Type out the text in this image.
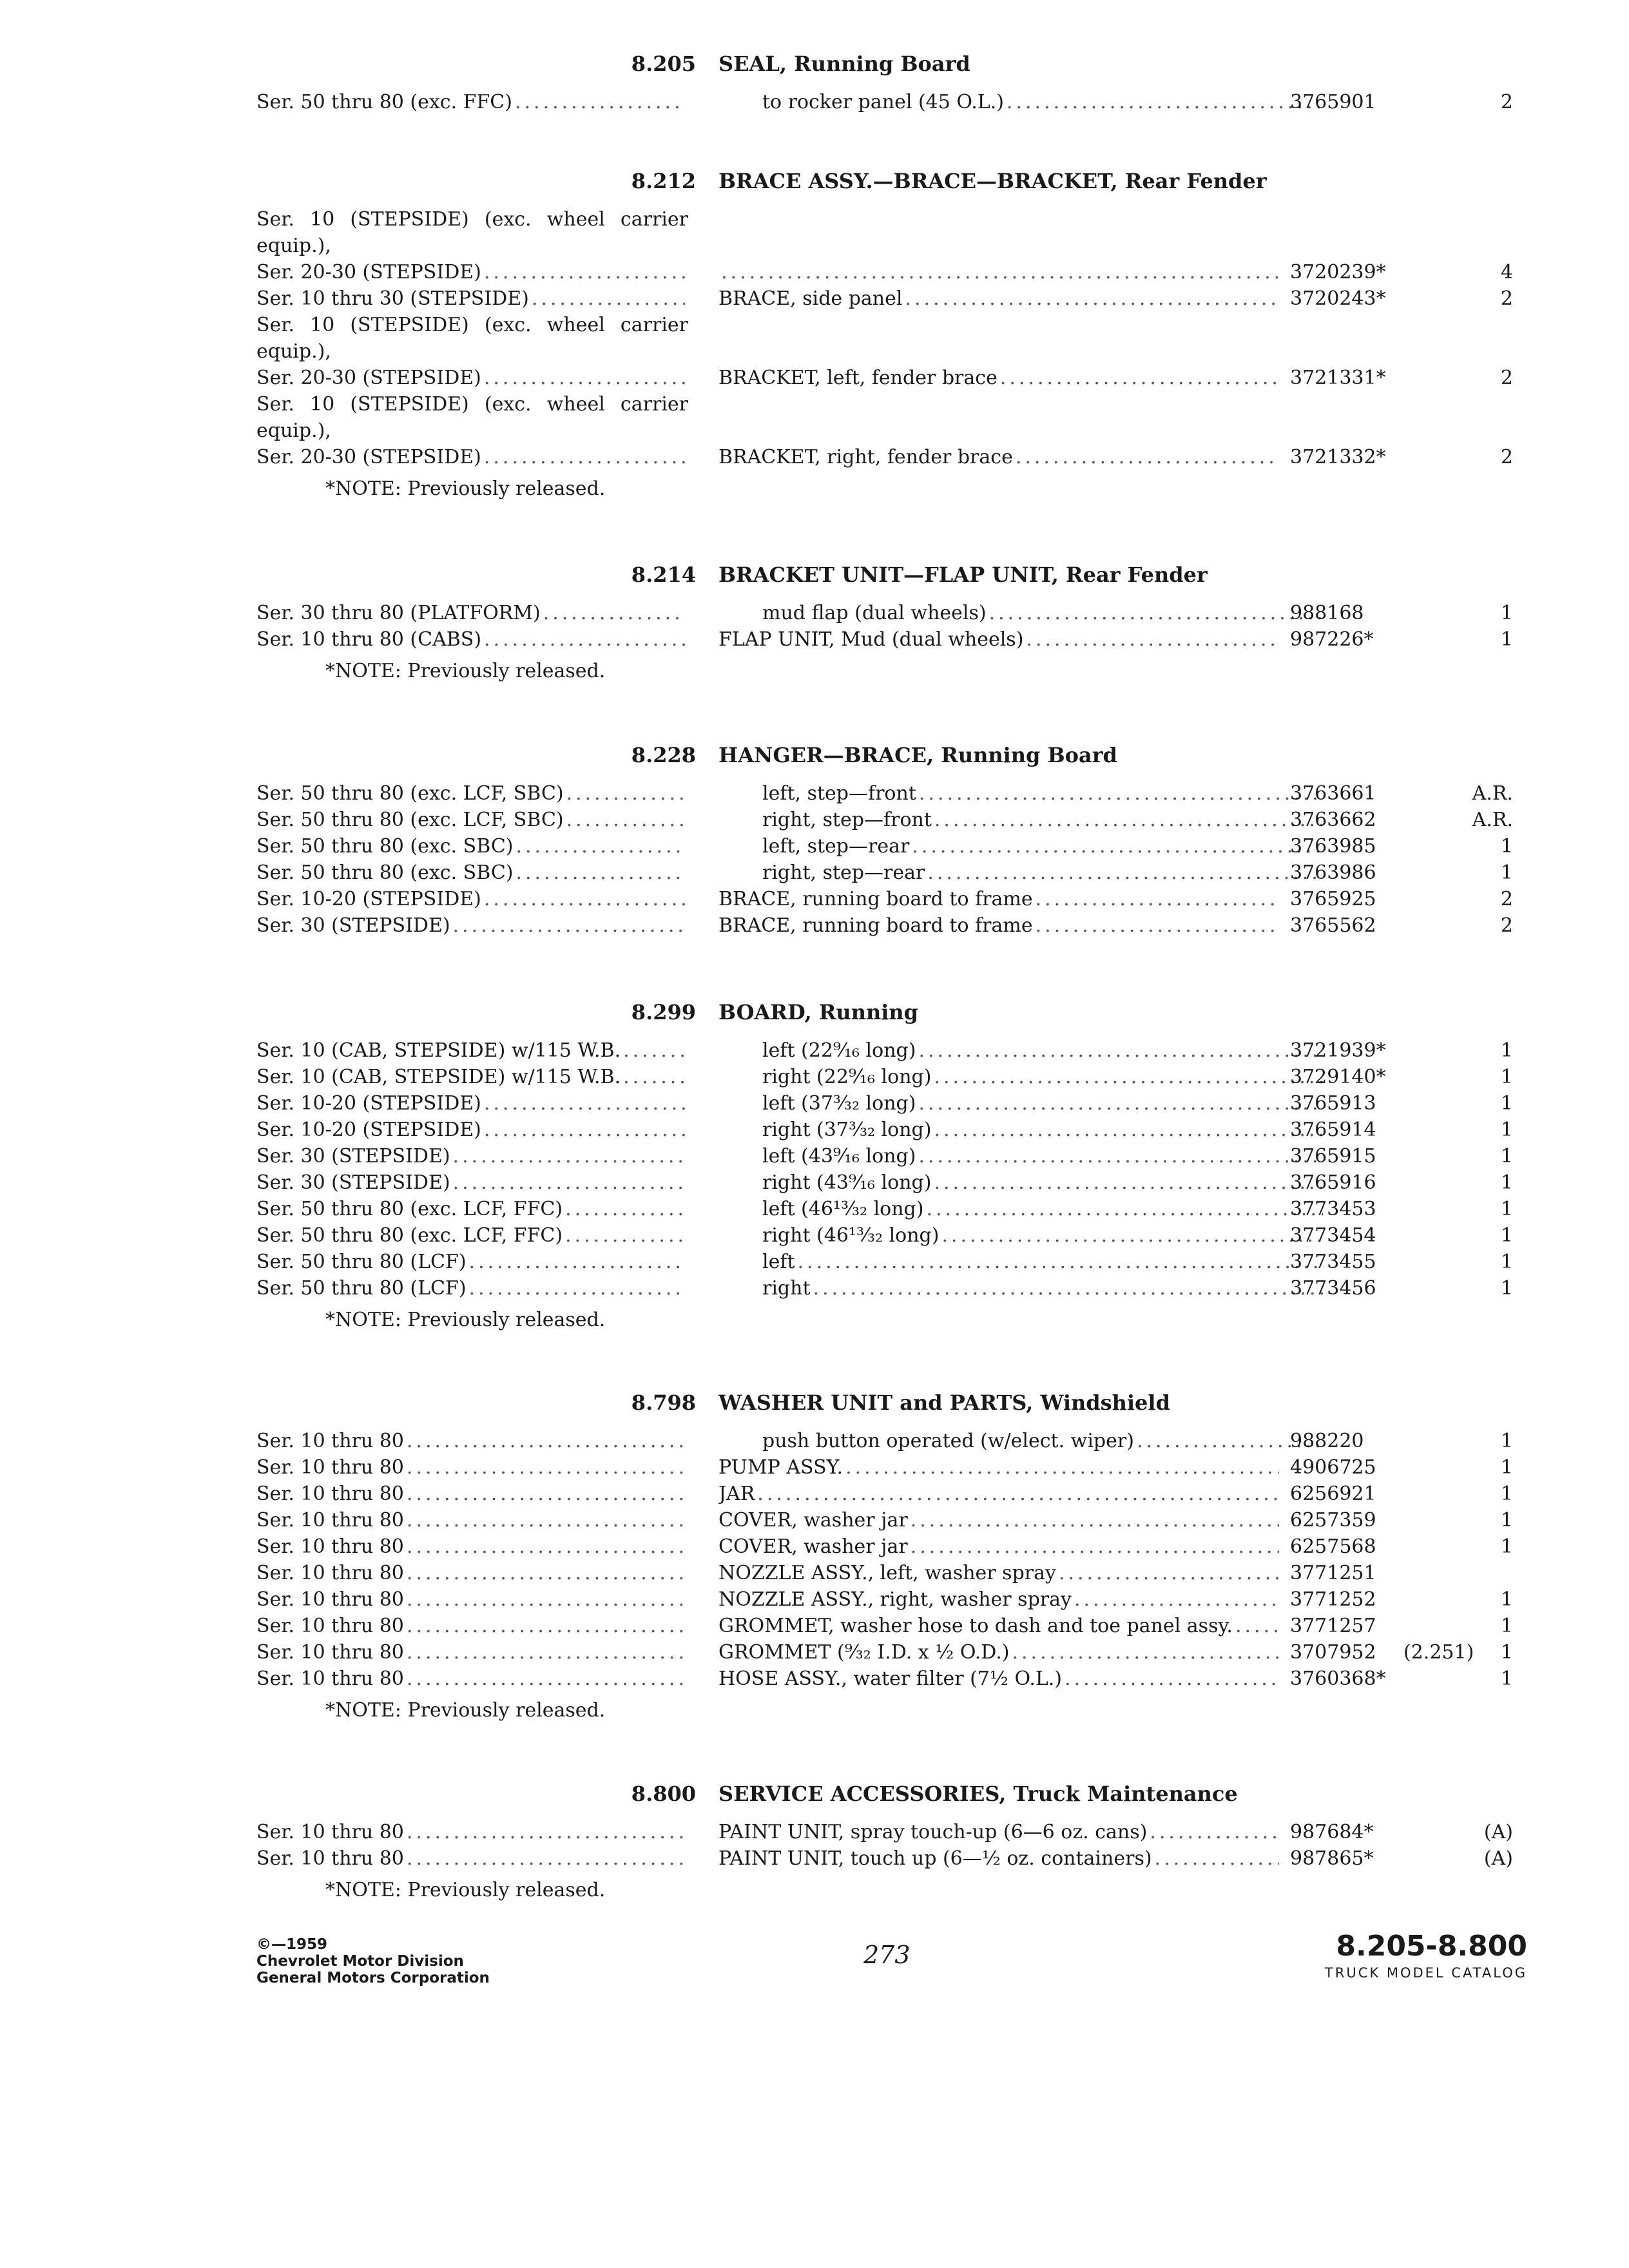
8.205 SEAL, Running Board
Ser. 50 thru 80 (exc. FFC) .....	to rocker panel (45 O.L.) .....	3765901	2
8.212 BRACE ASSY.—BRACE—BRACKET, Rear Fender
Ser. 10 (STEPSIDE) (exc. wheel carrier
equip.),
Ser. 20-30 (STEPSIDE) ..... .....	3720239*	4
Ser. 10 thru 30 (STEPSIDE) .....	BRACE, side panel .....	3720243*	2
Ser. 10 (STEPSIDE) (exc. wheel carrier
equip.),
Ser. 20-30 (STEPSIDE) .....	BRACKET, left, fender brace .....	3721331*	2
Ser. 10 (STEPSIDE) (exc. wheel carrier
equip.),
Ser. 20-30 (STEPSIDE) .....	BRACKET, right, fender brace .....	3721332*	2
*NOTE: Previously released.
8.214 BRACKET UNIT—FLAP UNIT, Rear Fender
Ser. 30 thru 80 (PLATFORM) .....	mud flap (dual wheels) .....	988168	1
Ser. 10 thru 80 (CABS) .....	FLAP UNIT, Mud (dual wheels) .....	987226*	1
*NOTE: Previously released.
8.228 HANGER—BRACE, Running Board
Ser. 50 thru 80 (exc. LCF, SBC) .....	left, step—front .....	3763661	A.R.
Ser. 50 thru 80 (exc. LCF, SBC) .....	right, step—front .....	3763662	A.R.
Ser. 50 thru 80 (exc. SBC) .....	left, step—rear .....	3763985	1
Ser. 50 thru 80 (exc. SBC) .....	right, step—rear .....	3763986	1
Ser. 10-20 (STEPSIDE) .....	BRACE, running board to frame .....	3765925	2
Ser. 30 (STEPSIDE) .....	BRACE, running board to frame .....	3765562	2
8.299 BOARD, Running
Ser. 10 (CAB, STEPSIDE) w/115 W.B. .....	left (22⁹⁄₁₆ long) .....	3721939*	1
Ser. 10 (CAB, STEPSIDE) w/115 W.B. .....	right (22⁹⁄₁₆ long) .....	3729140*	1
Ser. 10-20 (STEPSIDE) .....	left (37³⁄₃₂ long) .....	3765913	1
Ser. 10-20 (STEPSIDE) .....	right (37³⁄₃₂ long) .....	3765914	1
Ser. 30 (STEPSIDE) .....	left (43⁹⁄₁₆ long) .....	3765915	1
Ser. 30 (STEPSIDE) .....	right (43⁹⁄₁₆ long) .....	3765916	1
Ser. 50 thru 80 (exc. LCF, FFC) .....	left (46¹³⁄₃₂ long) .....	3773453	1
Ser. 50 thru 80 (exc. LCF, FFC) .....	right (46¹³⁄₃₂ long) .....	3773454	1
Ser. 50 thru 80 (LCF) .....	left .....	3773455	1
Ser. 50 thru 80 (LCF) .....	right .....	3773456	1
*NOTE: Previously released.
8.798 WASHER UNIT and PARTS, Windshield
Ser. 10 thru 80 .....	push button operated (w/elect. wiper) .....	988220	1
Ser. 10 thru 80 .....	PUMP ASSY. .....	4906725	1
Ser. 10 thru 80 .....	JAR .....	6256921	1
Ser. 10 thru 80 .....	COVER, washer jar .....	6257359	1
Ser. 10 thru 80 .....	COVER, washer jar .....	6257568	1
Ser. 10 thru 80 .....	NOZZLE ASSY., left, washer spray .....	3771251
Ser. 10 thru 80 .....	NOZZLE ASSY., right, washer spray .....	3771252	1
Ser. 10 thru 80 .....	GROMMET, washer hose to dash and toe panel assy. .....	3771257	1
Ser. 10 thru 80 .....	GROMMET (⁹⁄₃₂ I.D. x ½ O.D.) .....	3707952	(2.251)	1
Ser. 10 thru 80 .....	HOSE ASSY., water filter (7½ O.L.) .....	3760368*	1
*NOTE: Previously released.
8.800 SERVICE ACCESSORIES, Truck Maintenance
Ser. 10 thru 80 .....	PAINT UNIT, spray touch-up (6—6 oz. cans) .....	987684*	(A)
Ser. 10 thru 80 .....	PAINT UNIT, touch up (6—½ oz. containers) .....	987865*	(A)
*NOTE: Previously released.
©—1959
Chevrolet Motor Division
General Motors Corporation
273	8.205-8.800
TRUCK MODEL CATALOG
